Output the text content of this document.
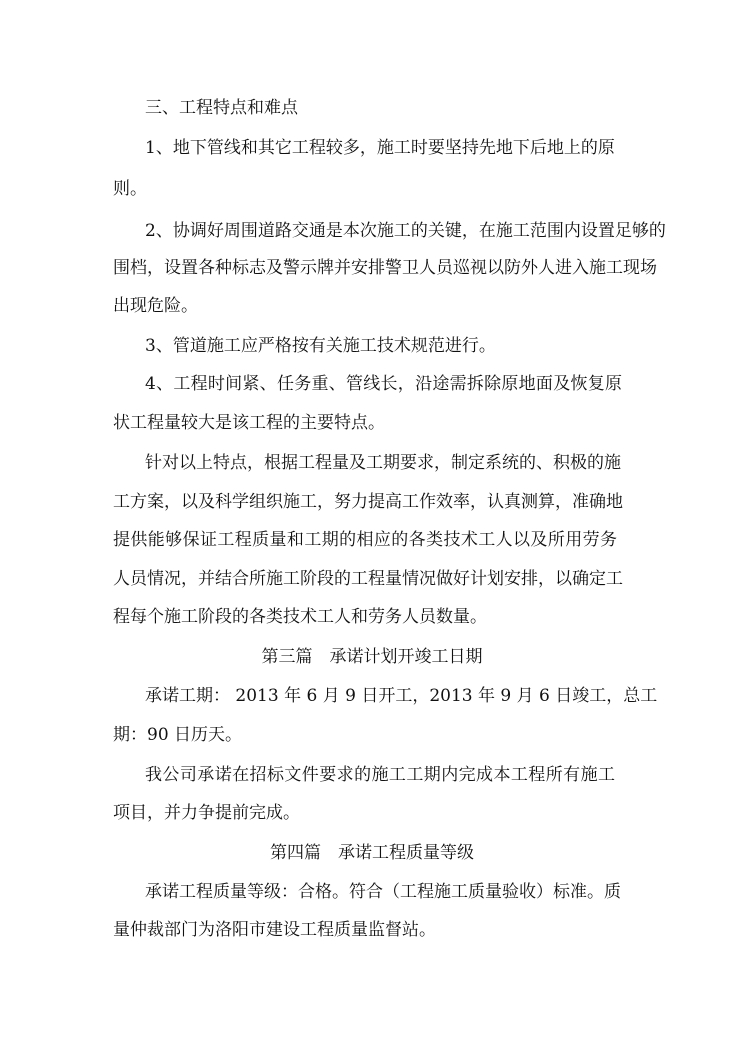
三、工程特点和难点
1、地下管线和其它工程较多，施工时要坚持先地下后地上的原
则。
2、协调好周围道路交通是本次施工的关键，在施工范围内设置足够的
围档，设置各种标志及警示牌并安排警卫人员巡视以防外人进入施工现场
出现危险。
3、管道施工应严格按有关施工技术规范进行。
4、工程时间紧、任务重、管线长，沿途需拆除原地面及恢复原
状工程量较大是该工程的主要特点。
针对以上特点，根据工程量及工期要求，制定系统的、积极的施
工方案，以及科学组织施工，努力提高工作效率，认真测算，准确地
提供能够保证工程质量和工期的相应的各类技术工人以及所用劳务
人员情况，并结合所施工阶段的工程量情况做好计划安排，以确定工
程每个施工阶段的各类技术工人和劳务人员数量。
第三篇　承诺计划开竣工日期
承诺工期： 2013 年 6 月 9 日开工，2013 年 9 月 6 日竣工，总工
期：90 日历天。
我公司承诺在招标文件要求的施工工期内完成本工程所有施工
项目，并力争提前完成。
第四篇　承诺工程质量等级
承诺工程质量等级：合格。符合（工程施工质量验收）标准。质
量仲裁部门为洛阳市建设工程质量监督站。
